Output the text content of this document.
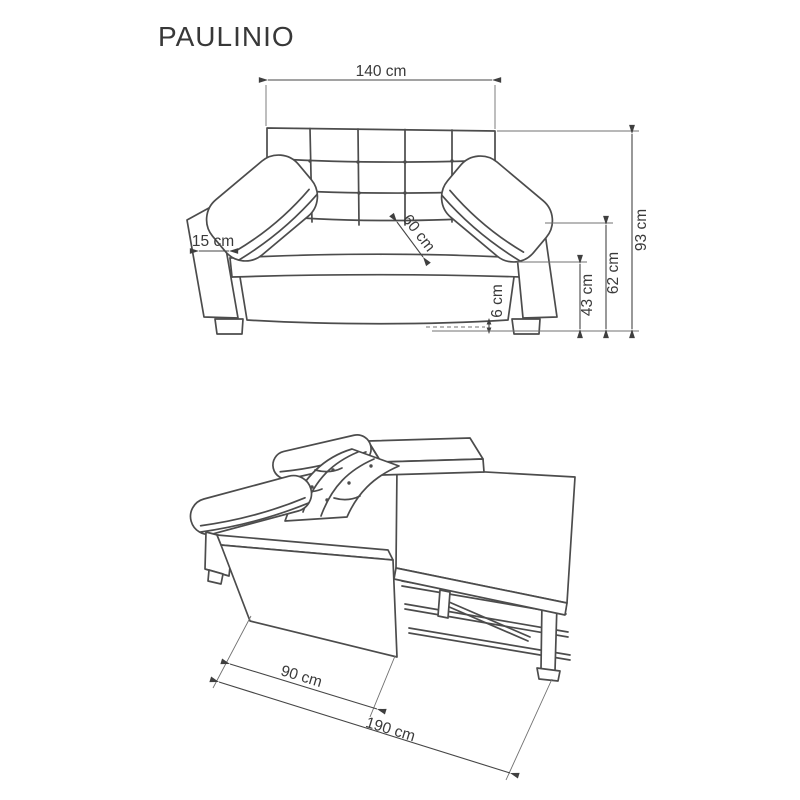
PAULINIO
140 cm
15 cm	60 cm
6 cm	43 cm
62 cm
93 cm
90 cm
190 cm
